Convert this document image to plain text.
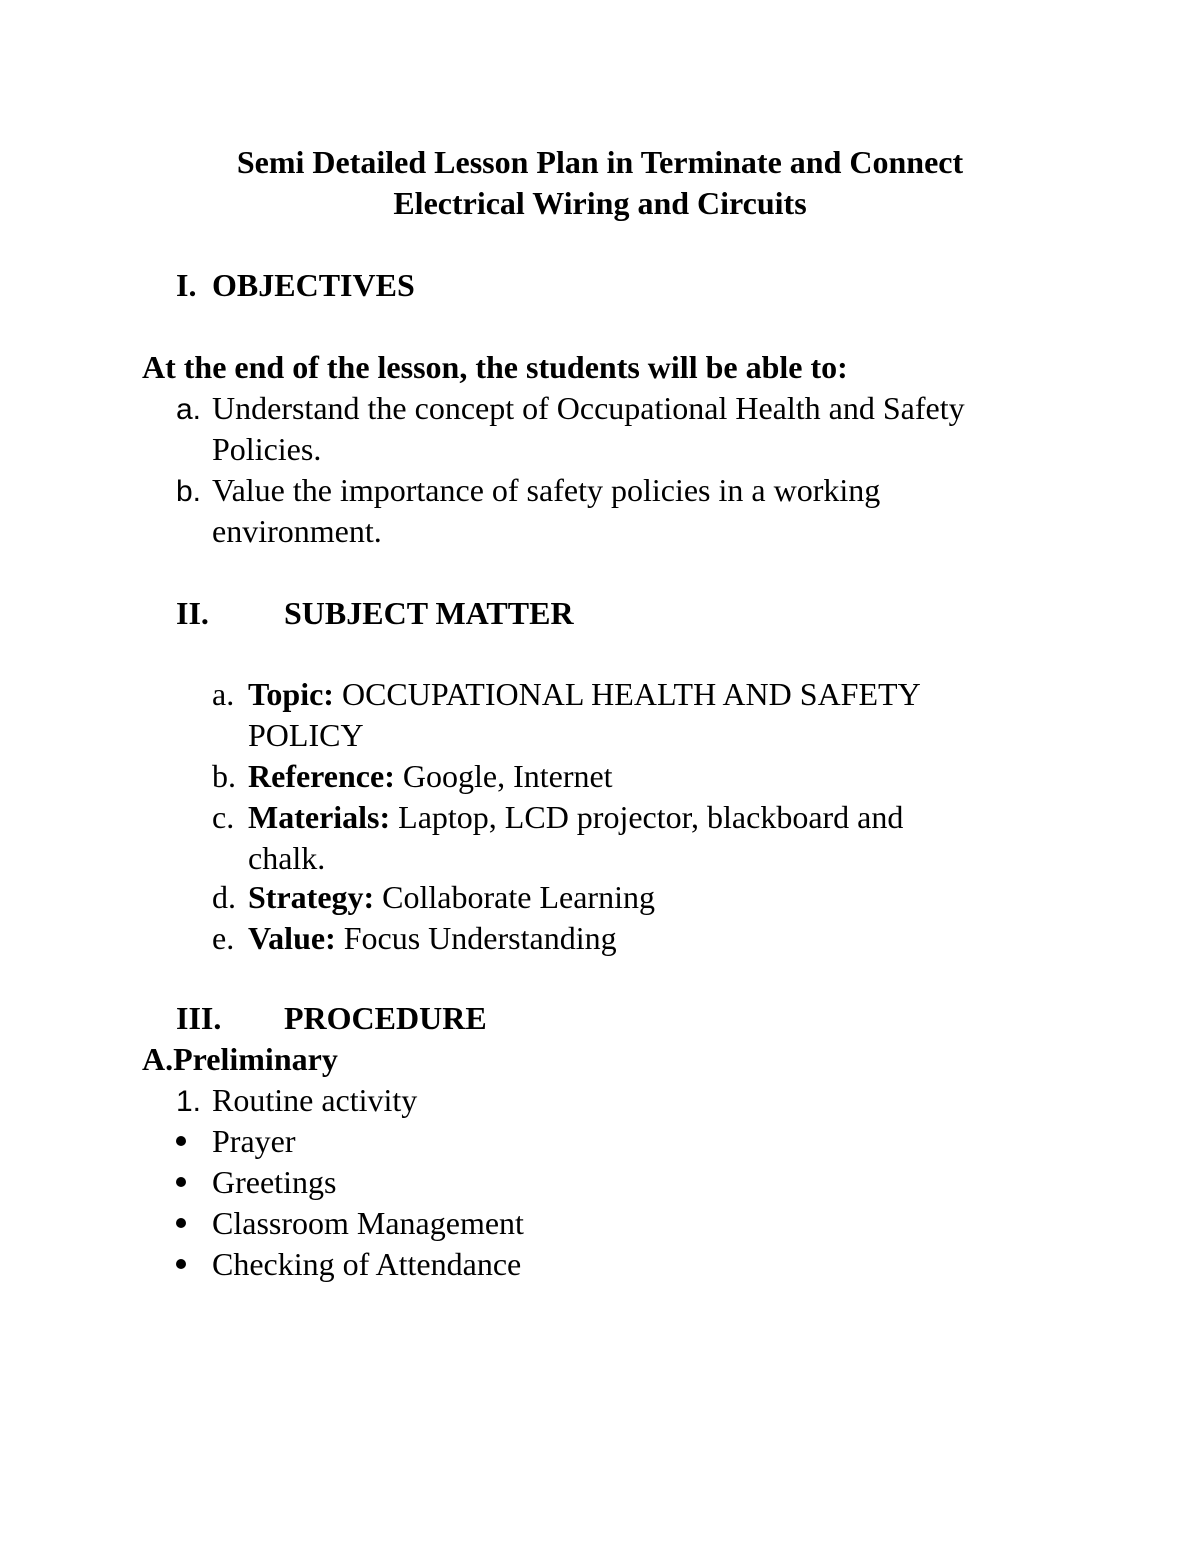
Semi Detailed Lesson Plan in Terminate and Connect
Electrical Wiring and Circuits
I. OBJECTIVES
At the end of the lesson, the students will be able to:
a. Understand the concept of Occupational Health and Safety
Policies.
b. Value the importance of safety policies in a working
environment.
II. SUBJECT MATTER
a. Topic: OCCUPATIONAL HEALTH AND SAFETY
POLICY
b. Reference: Google, Internet
c. Materials: Laptop, LCD projector, blackboard and
chalk.
d. Strategy: Collaborate Learning
e. Value: Focus Understanding
III. PROCEDURE
A.Preliminary
1. Routine activity
Prayer
Greetings
Classroom Management
Checking of Attendance
